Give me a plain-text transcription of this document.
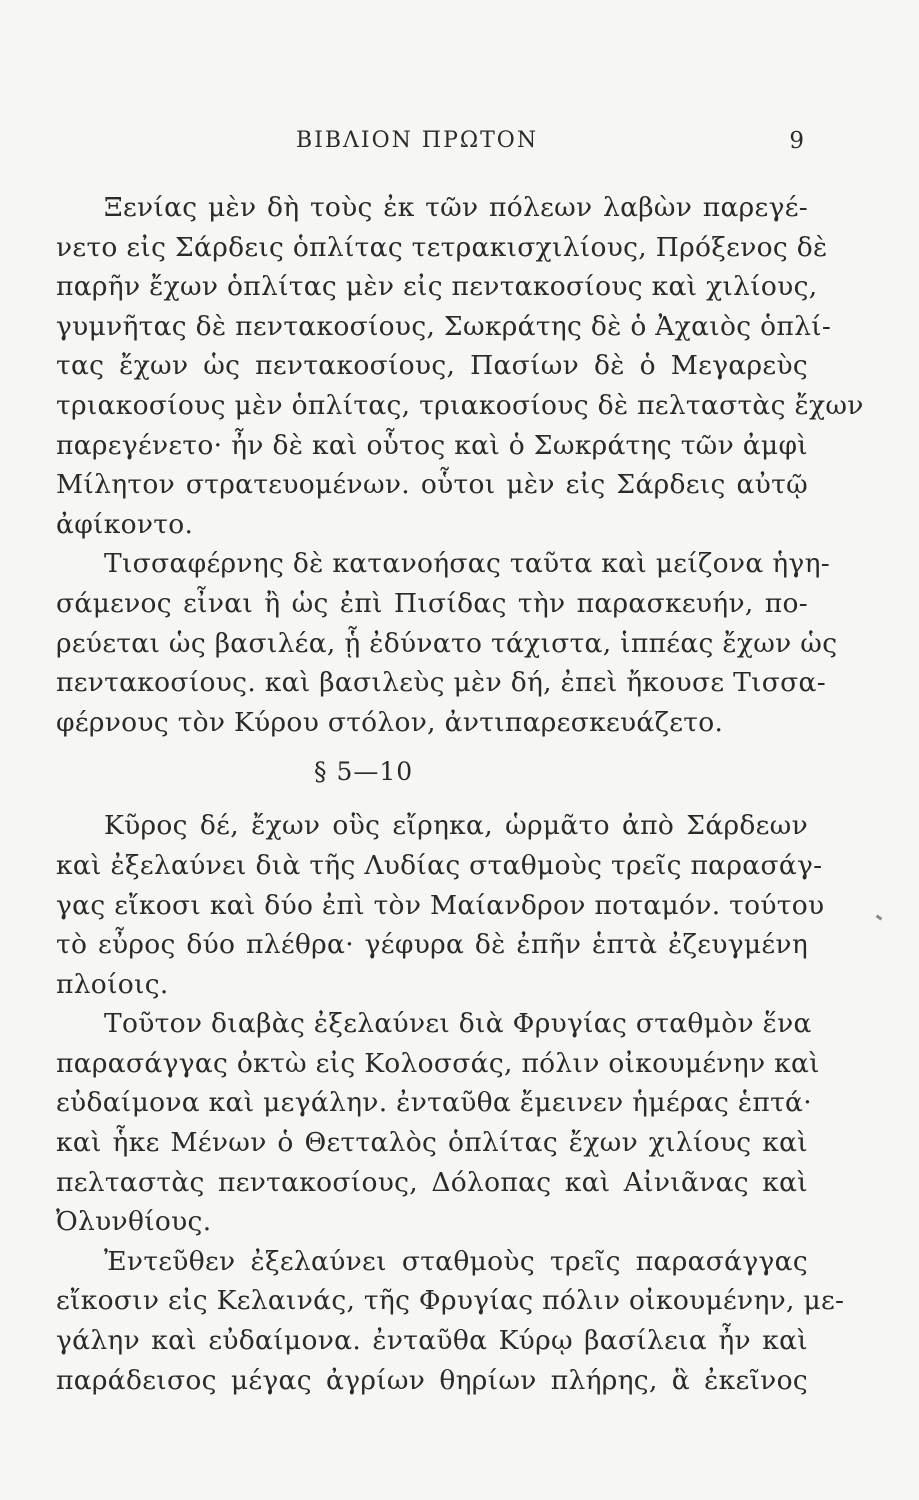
ΒΙΒΛΙΟΝ ΠΡΩΤΟΝ	9
Ξενίας μὲν δὴ τοὺς ἐκ τῶν πόλεων λαβὼν παρεγέ-
νετο εἰς Σάρδεις ὁπλίτας τετρακισχιλίους, Πρόξενος δὲ
παρῆν ἔχων ὁπλίτας μὲν εἰς πεντακοσίους καὶ χιλίους,
γυμνῆτας δὲ πεντακοσίους, Σωκράτης δὲ ὁ Ἀχαιὸς ὁπλί-
τας ἔχων ὡς πεντακοσίους, Πασίων δὲ ὁ Μεγαρεὺς
τριακοσίους μὲν ὁπλίτας, τριακοσίους δὲ πελταστὰς ἔχων
παρεγένετο· ἦν δὲ καὶ οὗτος καὶ ὁ Σωκράτης τῶν ἀμφὶ
Μίλητον στρατευομένων. οὗτοι μὲν εἰς Σάρδεις αὐτῷ
ἀφίκοντο.
Τισσαφέρνης δὲ κατανοήσας ταῦτα καὶ μείζονα ἡγη-
σάμενος εἶναι ἢ ὡς ἐπὶ Πισίδας τὴν παρασκευήν, πο-
ρεύεται ὡς βασιλέα, ᾗ ἐδύνατο τάχιστα, ἱππέας ἔχων ὡς
πεντακοσίους. καὶ βασιλεὺς μὲν δή, ἐπεὶ ἤκουσε Τισσα-
φέρνους τὸν Κύρου στόλον, ἀντιπαρεσκευάζετο.
§ 5—10
Κῦρος δέ, ἔχων οὓς εἴρηκα, ὡρμᾶτο ἀπὸ Σάρδεων
καὶ ἐξελαύνει διὰ τῆς Λυδίας σταθμοὺς τρεῖς παρασάγ-
γας εἴκοσι καὶ δύο ἐπὶ τὸν Μαίανδρον ποταμόν. τούτου
τὸ εὖρος δύο πλέθρα· γέφυρα δὲ ἐπῆν ἑπτὰ ἐζευγμένη
πλοίοις.
Τοῦτον διαβὰς ἐξελαύνει διὰ Φρυγίας σταθμὸν ἕνα
παρασάγγας ὀκτὼ εἰς Κολοσσάς, πόλιν οἰκουμένην καὶ
εὐδαίμονα καὶ μεγάλην. ἐνταῦθα ἔμεινεν ἡμέρας ἑπτά·
καὶ ἧκε Μένων ὁ Θετταλὸς ὁπλίτας ἔχων χιλίους καὶ
πελταστὰς πεντακοσίους, Δόλοπας καὶ Αἰνιᾶνας καὶ
Ὀλυνθίους.
Ἐντεῦθεν ἐξελαύνει σταθμοὺς τρεῖς παρασάγγας
εἴκοσιν εἰς Κελαινάς, τῆς Φρυγίας πόλιν οἰκουμένην, με-
γάλην καὶ εὐδαίμονα. ἐνταῦθα Κύρῳ βασίλεια ἦν καὶ
παράδεισος μέγας ἀγρίων θηρίων πλήρης, ἃ ἐκεῖνος
